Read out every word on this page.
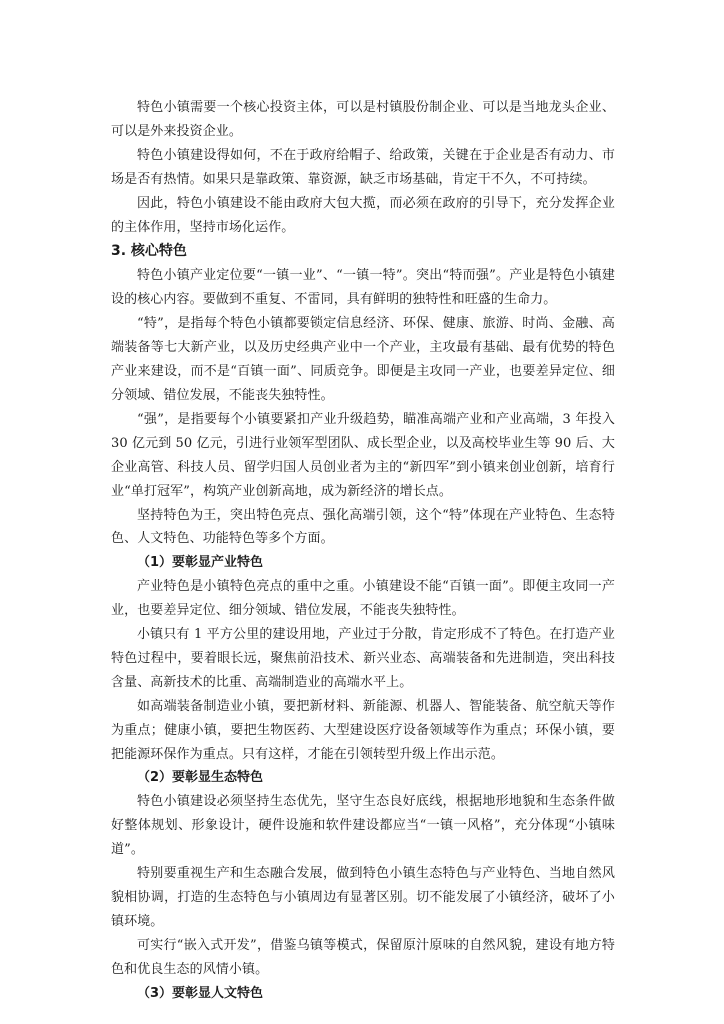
特色小镇需要一个核心投资主体，可以是村镇股份制企业、可以是当地龙头企业、可以是外来投资企业。

特色小镇建设得如何，不在于政府给帽子、给政策，关键在于企业是否有动力、市场是否有热情。如果只是靠政策、靠资源，缺乏市场基础，肯定干不久，不可持续。

因此，特色小镇建设不能由政府大包大揽，而必须在政府的引导下，充分发挥企业的主体作用，坚持市场化运作。

3. 核心特色

特色小镇产业定位要“一镇一业”、“一镇一特”。突出“特而强”。产业是特色小镇建设的核心内容。要做到不重复、不雷同，具有鲜明的独特性和旺盛的生命力。

“特”，是指每个特色小镇都要锁定信息经济、环保、健康、旅游、时尚、金融、高端装备等七大新产业，以及历史经典产业中一个产业，主攻最有基础、最有优势的特色产业来建设，而不是“百镇一面”、同质竞争。即便是主攻同一产业，也要差异定位、细分领域、错位发展，不能丧失独特性。

“强”，是指要每个小镇要紧扣产业升级趋势，瞄准高端产业和产业高端，3 年投入 30 亿元到 50 亿元，引进行业领军型团队、成长型企业，以及高校毕业生等 90 后、大企业高管、科技人员、留学归国人员创业者为主的“新四军”到小镇来创业创新，培育行业“单打冠军”，构筑产业创新高地，成为新经济的增长点。

坚持特色为王，突出特色亮点、强化高端引领，这个“特”体现在产业特色、生态特色、人文特色、功能特色等多个方面。

（1）要彰显产业特色

产业特色是小镇特色亮点的重中之重。小镇建设不能“百镇一面”。即便主攻同一产业，也要差异定位、细分领域、错位发展，不能丧失独特性。

小镇只有 1 平方公里的建设用地，产业过于分散，肯定形成不了特色。在打造产业特色过程中，要着眼长远，聚焦前沿技术、新兴业态、高端装备和先进制造，突出科技含量、高新技术的比重、高端制造业的高端水平上。

如高端装备制造业小镇，要把新材料、新能源、机器人、智能装备、航空航天等作为重点；健康小镇，要把生物医药、大型建设医疗设备领域等作为重点；环保小镇，要把能源环保作为重点。只有这样，才能在引领转型升级上作出示范。

（2）要彰显生态特色

特色小镇建设必须坚持生态优先，坚守生态良好底线，根据地形地貌和生态条件做好整体规划、形象设计，硬件设施和软件建设都应当“一镇一风格”，充分体现“小镇味道”。

特别要重视生产和生态融合发展，做到特色小镇生态特色与产业特色、当地自然风貌相协调，打造的生态特色与小镇周边有显著区别。切不能发展了小镇经济，破坏了小镇环境。

可实行“嵌入式开发”，借鉴乌镇等模式，保留原汁原味的自然风貌，建设有地方特色和优良生态的风情小镇。

（3）要彰显人文特色
